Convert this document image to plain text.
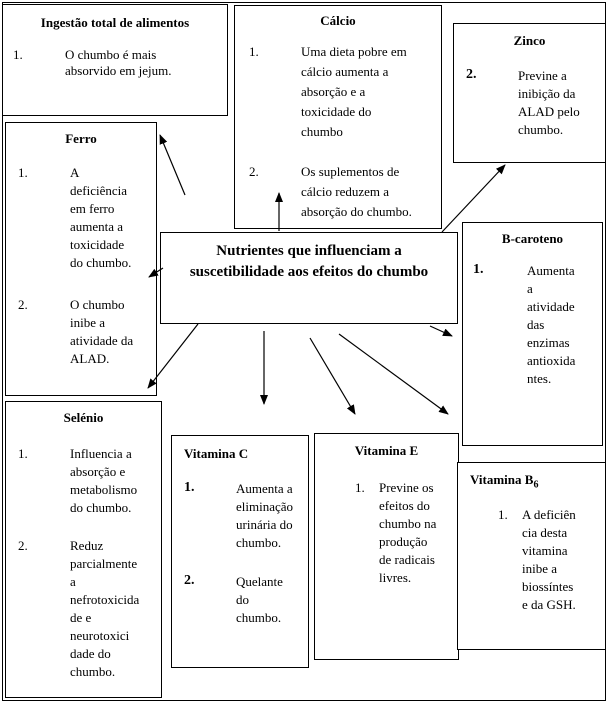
Ingestão total de alimentos
1.	O chumbo é mais
absorvido em jejum.
Cálcio
1.	Uma dieta pobre em
cálcio aumenta a
absorção e a
toxicidade do
chumbo
2.	Os suplementos de
cálcio reduzem a
absorção do chumbo.
Zinco
2.	Previne a
inibição da
ALAD pelo
chumbo.
Ferro
1.	A
deficiência
em ferro
aumenta a
toxicidade
do chumbo.
2.	O chumbo
inibe a
atividade da
ALAD.
Nutrientes que influenciam a
suscetibilidade aos efeitos do chumbo
B-caroteno
1.	Aumenta
a
atividade
das
enzimas
antioxida
ntes.
Selénio
1.	Influencia a
absorção e
metabolismo
do chumbo.
2.	Reduz
parcialmente
a
nefrotoxicida
de e
neurotoxici
dade do
chumbo.
Vitamina C
1.	Aumenta a
eliminação
urinária do
chumbo.
2.	Quelante
do
chumbo.
Vitamina E
1. Previne os
efeitos do
chumbo na
produção
de radicais
livres.
Vitamina $B_6$
1. A deficiên
cia desta
vitamina
inibe a
biossíntes
e da GSH.
